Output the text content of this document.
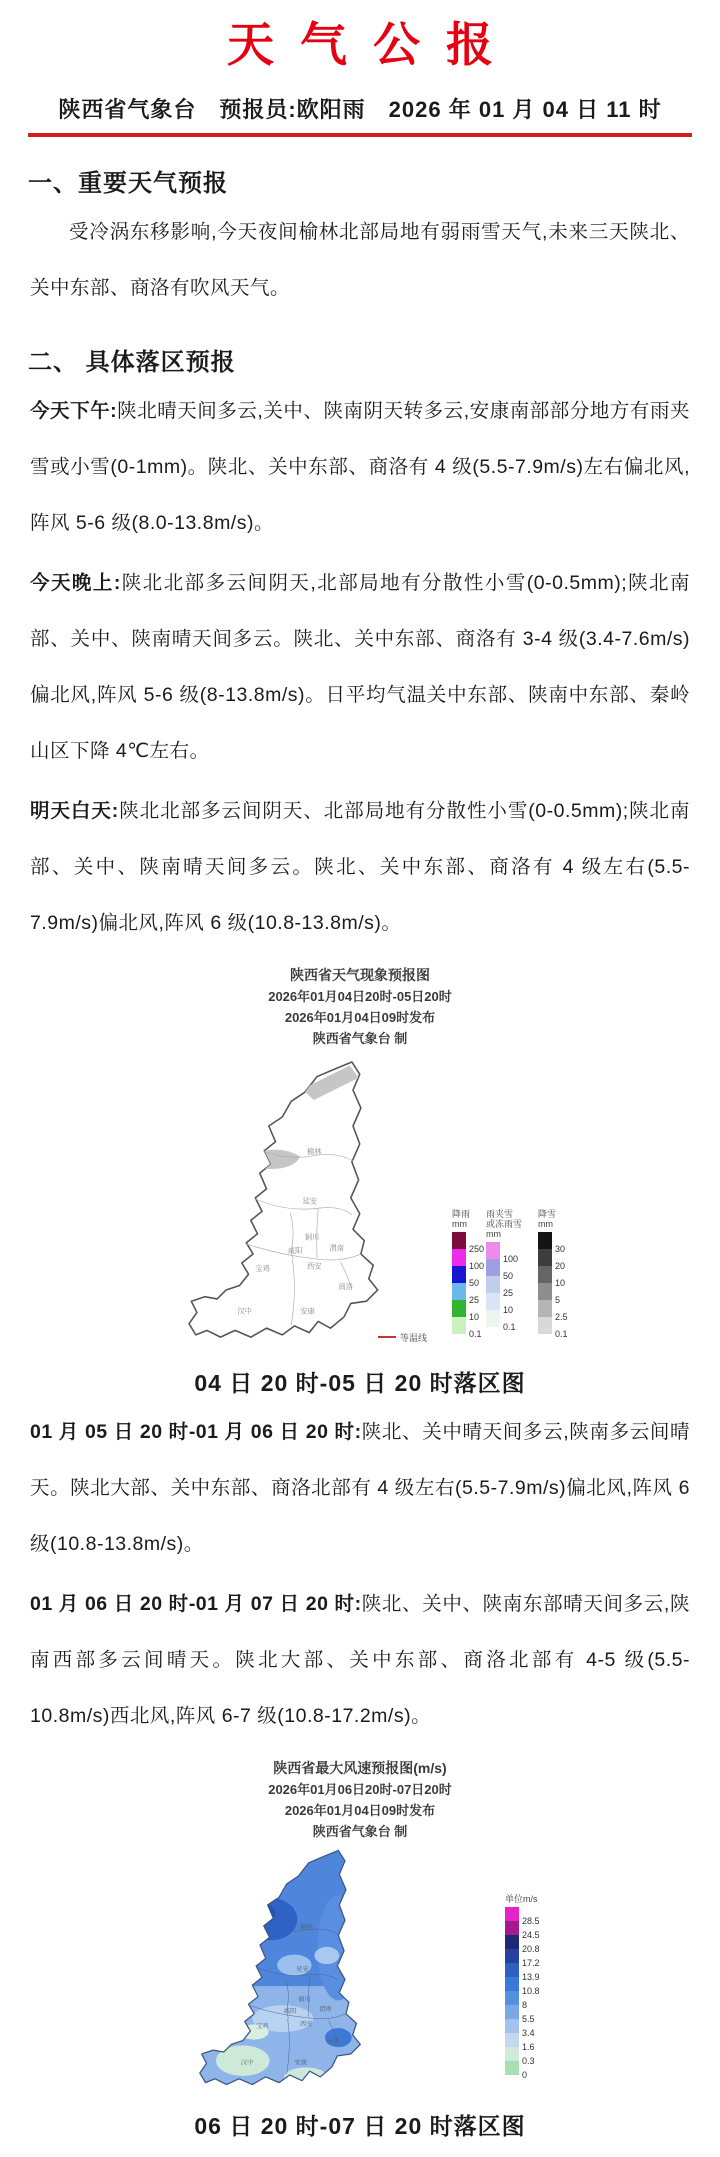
天气公报
陕西省气象台　预报员:欧阳雨　2026 年 01 月 04 日 11 时
一、重要天气预报

受冷涡东移影响,今天夜间榆林北部局地有弱雨雪天气,未来三天陕北、关中东部、商洛有吹风天气。

二、 具体落区预报

今天下午:陕北晴天间多云,关中、陕南阴天转多云,安康南部部分地方有雨夹雪或小雪(0-1mm)。陕北、关中东部、商洛有 4 级(5.5-7.9m/s)左右偏北风,阵风 5-6 级(8.0-13.8m/s)。

今天晚上:陕北北部多云间阴天,北部局地有分散性小雪(0-0.5mm);陕北南部、关中、陕南晴天间多云。陕北、关中东部、商洛有 3-4 级(3.4-7.6m/s)偏北风,阵风 5-6 级(8-13.8m/s)。日平均气温关中东部、陕南中东部、秦岭山区下降 4℃左右。

明天白天:陕北北部多云间阴天、北部局地有分散性小雪(0-0.5mm);陕北南部、关中、陕南晴天间多云。陕北、关中东部、商洛有 4 级左右(5.5-7.9m/s)偏北风,阵风 6 级(10.8-13.8m/s)。

陕西省天气现象预报图
2026年01月04日20时-05日20时
2026年01月04日09时发布
陕西省气象台 制
榆林
延安
铜川
咸阳
西安
渭南
宝鸡
商洛
安康
汉中
降雨
mm
250
100
50
25
10
0.1
雨夹雪
或冻雨雪
mm
100
50
25
10
0.1
降雪
mm
30
20
10
5
2.5
0.1
等温线
04 日 20 时-05 日 20 时落区图

01 月 05 日 20 时-01 月 06 日 20 时:陕北、关中晴天间多云,陕南多云间晴天。陕北大部、关中东部、商洛北部有 4 级左右(5.5-7.9m/s)偏北风,阵风 6 级(10.8-13.8m/s)。

01 月 06 日 20 时-01 月 07 日 20 时:陕北、关中、陕南东部晴天间多云,陕南西部多云间晴天。陕北大部、关中东部、商洛北部有 4-5 级(5.5-10.8m/s)西北风,阵风 6-7 级(10.8-17.2m/s)。

陕西省最大风速预报图(m/s)
2026年01月06日20时-07日20时
2026年01月04日09时发布
陕西省气象台 制
榆林
延安
铜川
咸阳
西安
渭南
宝鸡
商洛
安康
汉中
单位m/s
28.5
24.5
20.8
17.2
13.9
10.8
8
5.5
3.4
1.6
0.3
0
06 日 20 时-07 日 20 时落区图
